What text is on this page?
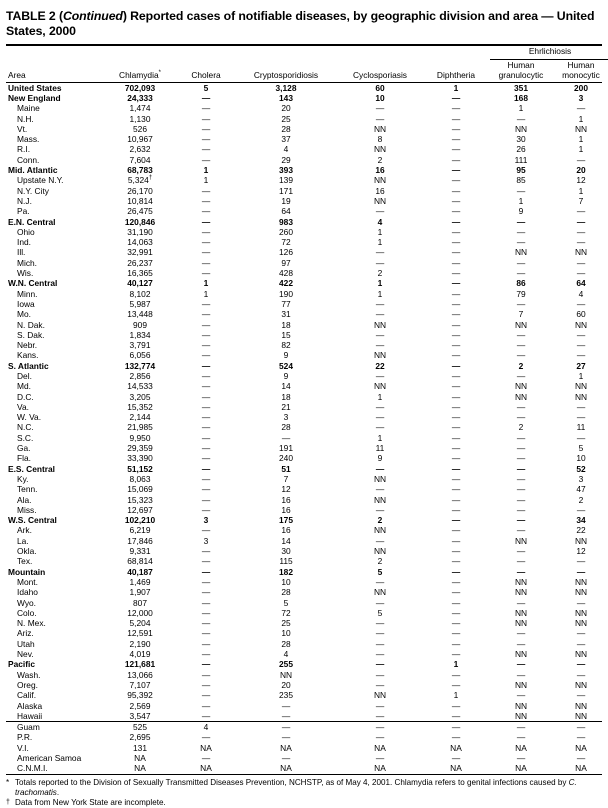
TABLE 2 (Continued) Reported cases of notifiable diseases, by geographic division and area — United States, 2000
						Ehrlichiosis	

						Human	Human
Area	Chlamydia*	Cholera	Cryptosporidiosis	Cyclosporiasis	Diphtheria	granulocytic	monocytic
United States	702,093	5	3,128	60	1	351	200
New England	24,333	—	143	10	—	168	3
Maine	1,474	—	20	—	—	1	—
N.H.	1,130	—	25	—	—	—	1
Vt.	526	—	28	NN	—	NN	NN
Mass.	10,967	—	37	8	—	30	1
R.I.	2,632	—	4	NN	—	26	1
Conn.	7,604	—	29	2	—	111	—
Mid. Atlantic	68,783	1	393	16	—	95	20
Upstate N.Y.	5,324†	1	139	NN	—	85	12
N.Y. City	26,170	—	171	16	—	—	1
N.J.	10,814	—	19	NN	—	1	7
Pa.	26,475	—	64	—	—	9	—
E.N. Central	120,846	—	983	4	—	—	—
Ohio	31,190	—	260	1	—	—	—
Ind.	14,063	—	72	1	—	—	—
Ill.	32,991	—	126	—	—	NN	NN
Mich.	26,237	—	97	—	—	—	—
Wis.	16,365	—	428	2	—	—	—
W.N. Central	40,127	1	422	1	—	86	64
Minn.	8,102	1	190	1	—	79	4
Iowa	5,987	—	77	—	—	—	—
Mo.	13,448	—	31	—	—	7	60
N. Dak.	909	—	18	NN	—	NN	NN
S. Dak.	1,834	—	15	—	—	—	—
Nebr.	3,791	—	82	—	—	—	—
Kans.	6,056	—	9	NN	—	—	—
S. Atlantic	132,774	—	524	22	—	2	27
Del.	2,856	—	9	—	—	—	1
Md.	14,533	—	14	NN	—	NN	NN
D.C.	3,205	—	18	1	—	NN	NN
Va.	15,352	—	21	—	—	—	—
W. Va.	2,144	—	3	—	—	—	—
N.C.	21,985	—	28	—	—	2	11
S.C.	9,950	—	—	1	—	—	—
Ga.	29,359	—	191	11	—	—	5
Fla.	33,390	—	240	9	—	—	10
E.S. Central	51,152	—	51	—	—	—	52
Ky.	8,063	—	7	NN	—	—	3
Tenn.	15,069	—	12	—	—	—	47
Ala.	15,323	—	16	NN	—	—	2
Miss.	12,697	—	16	—	—	—	—
W.S. Central	102,210	3	175	2	—	—	34
Ark.	6,219	—	16	NN	—	—	22
La.	17,846	3	14	—	—	NN	NN
Okla.	9,331	—	30	NN	—	—	12
Tex.	68,814	—	115	2	—	—	—
Mountain	40,187	—	182	5	—	—	—
Mont.	1,469	—	10	—	—	NN	NN
Idaho	1,907	—	28	NN	—	NN	NN
Wyo.	807	—	5	—	—	—	—
Colo.	12,000	—	72	5	—	NN	NN
N. Mex.	5,204	—	25	—	—	NN	NN
Ariz.	12,591	—	10	—	—	—	—
Utah	2,190	—	28	—	—	—	—
Nev.	4,019	—	4	—	—	NN	NN
Pacific	121,681	—	255	—	1	—	—
Wash.	13,066	—	NN	—	—	—	—
Oreg.	7,107	—	20	—	—	NN	NN
Calif.	95,392	—	235	NN	1	—	—
Alaska	2,569	—	—	—	—	NN	NN
Hawaii	3,547	—	—	—	—	NN	NN
Guam	525	4	—	—	—	—	—
P.R.	2,695	—	—	—	—	—	—
V.I.	131	NA	NA	NA	NA	NA	NA
American Samoa	NA	—	—	—	—	—	—
C.N.M.I.	NA	NA	NA	NA	NA	NA	NA
* Totals reported to the Division of Sexually Transmitted Diseases Prevention, NCHSTP, as of May 4, 2001. Chlamydia refers to genital infections caused by C. trachomatis.
† Data from New York State are incomplete.
